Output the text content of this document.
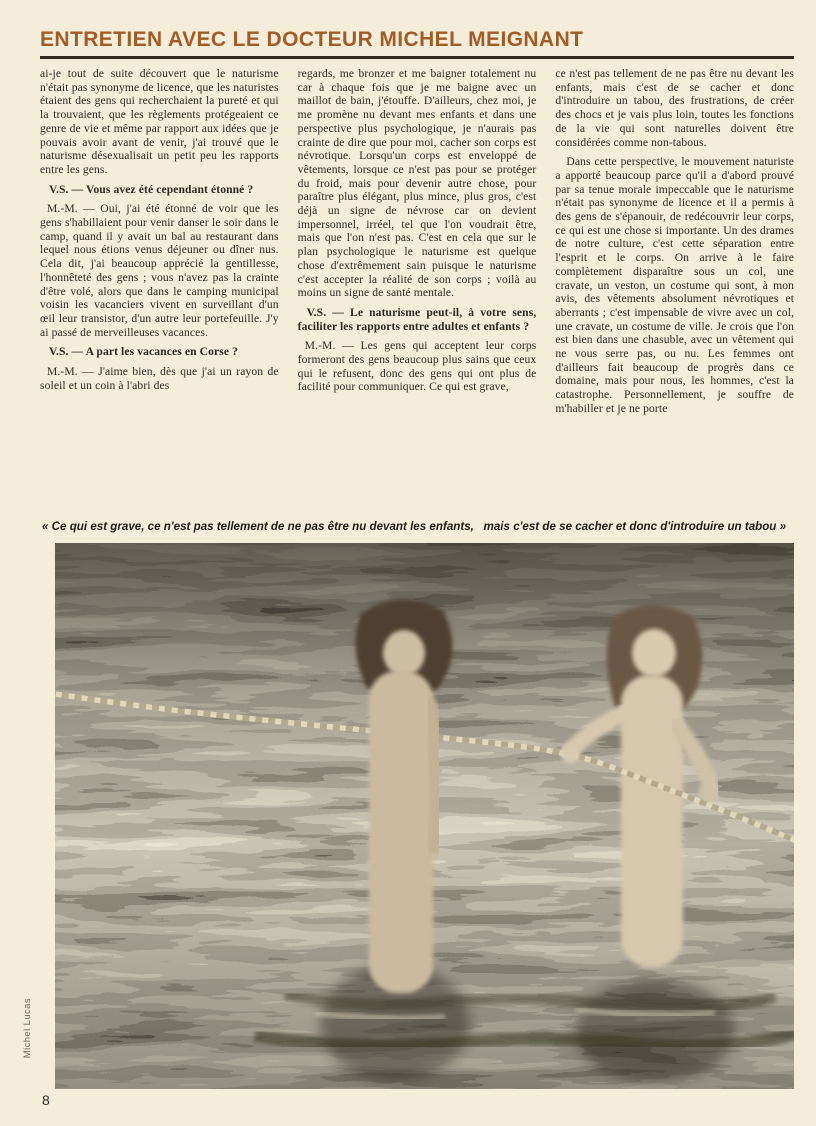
ENTRETIEN AVEC LE DOCTEUR MICHEL MEIGNANT

ai-je tout de suite découvert que le naturisme n'était pas synonyme de licence, que les naturistes étaient des gens qui recherchaient la pureté et qui la trouvaient, que les règlements protégeaient ce genre de vie et même par rapport aux idées que je pouvais avoir avant de venir, j'ai trouvé que le naturisme désexualisait un petit peu les rapports entre les gens.

V.S. — Vous avez été cependant étonné ?

M.-M. — Oui, j'ai été étonné de voir que les gens s'habillaient pour venir danser le soir dans le camp, quand il y avait un bal au restaurant dans lequel nous étions venus déjeuner ou dîner nus. Cela dit, j'ai beaucoup apprécié la gentillesse, l'honnêteté des gens ; vous n'avez pas la crainte d'être volé, alors que dans le camping municipal voisin les vacanciers vivent en surveillant d'un œil leur transistor, d'un autre leur portefeuille. J'y ai passé de merveilleuses vacances.

V.S. — A part les vacances en Corse ?

M.-M. — J'aime bien, dès que j'ai un rayon de soleil et un coin à l'abri des

regards, me bronzer et me baigner totalement nu car à chaque fois que je me baigne avec un maillot de bain, j'étouffe. D'ailleurs, chez moi, je me promène nu devant mes enfants et dans une perspective plus psychologique, je n'aurais pas crainte de dire que pour moi, cacher son corps est névrotique. Lorsqu'un corps est enveloppé de vêtements, lorsque ce n'est pas pour se protéger du froid, mais pour devenir autre chose, pour paraître plus élégant, plus mince, plus gros, c'est déjà un signe de névrose car on devient impersonnel, irréel, tel que l'on voudrait être, mais que l'on n'est pas. C'est en cela que sur le plan psychologique le naturisme est quelque chose d'extrêmement sain puisque le naturisme c'est accepter la réalité de son corps ; voilà au moins un signe de santé mentale.

V.S. — Le naturisme peut-il, à votre sens, faciliter les rapports entre adultes et enfants ?

M.-M. — Les gens qui acceptent leur corps formeront des gens beaucoup plus sains que ceux qui le refusent, donc des gens qui ont plus de facilité pour communiquer. Ce qui est grave,

ce n'est pas tellement de ne pas être nu devant les enfants, mais c'est de se cacher et donc d'introduire un tabou, des frustrations, de créer des chocs et je vais plus loin, toutes les fonctions de la vie qui sont naturelles doivent être considérées comme non-tabous.

Dans cette perspective, le mouvement naturiste a apporté beaucoup parce qu'il a d'abord prouvé par sa tenue morale impeccable que le naturisme n'était pas synonyme de licence et il a permis à des gens de s'épanouir, de redécouvrir leur corps, ce qui est une chose si importante. Un des drames de notre culture, c'est cette séparation entre l'esprit et le corps. On arrive à le faire complètement disparaître sous un col, une cravate, un veston, un costume qui sont, à mon avis, des vêtements absolument névrotiques et aberrants ; c'est impensable de vivre avec un col, une cravate, un costume de ville. Je crois que l'on est bien dans une chasuble, avec un vêtement qui ne vous serre pas, ou nu. Les femmes ont d'ailleurs fait beaucoup de progrès dans ce domaine, mais pour nous, les hommes, c'est la catastrophe. Personnellement, je souffre de m'habiller et je ne porte

« Ce qui est grave, ce n'est pas tellement de ne pas être nu devant les enfants,   mais c'est de se cacher et donc d'introduire un tabou »
Michel Lucas
8
